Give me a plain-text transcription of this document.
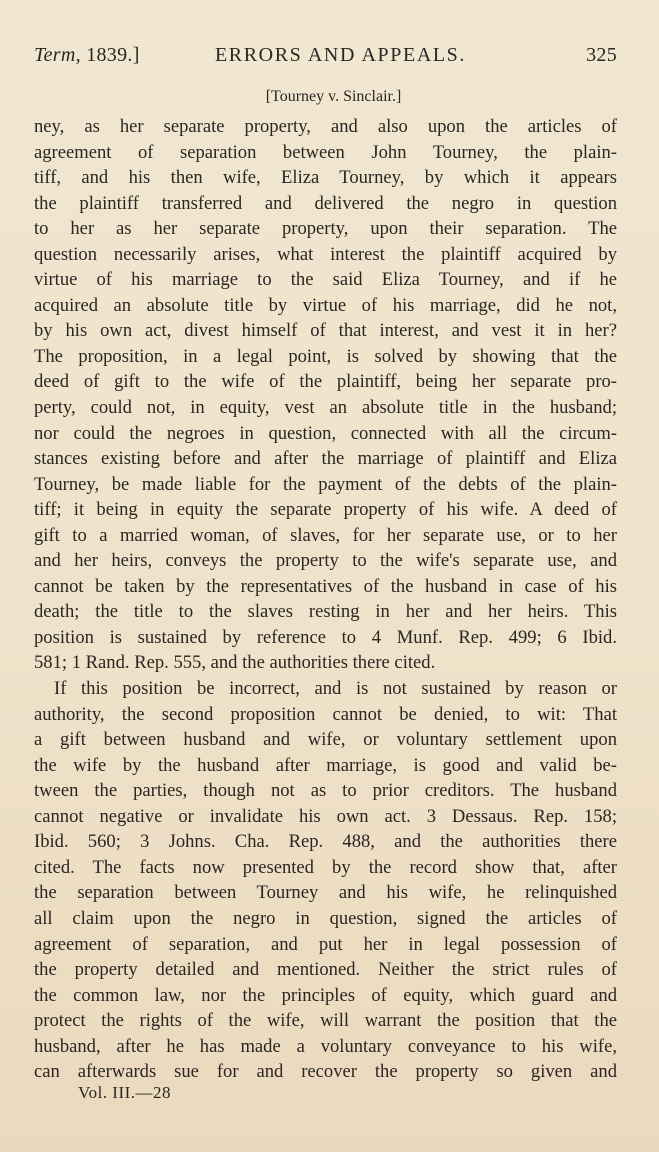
Term, 1839.]	ERRORS AND APPEALS.	325
[Tourney v. Sinclair.]
ney, as her separate property, and also upon the articles of
agreement of separation between John Tourney, the plain-
tiff, and his then wife, Eliza Tourney, by which it appears
the plaintiff transferred and delivered the negro in question
to her as her separate property, upon their separation. The
question necessarily arises, what interest the plaintiff acquired by
virtue of his marriage to the said Eliza Tourney, and if he
acquired an absolute title by virtue of his marriage, did he not,
by his own act, divest himself of that interest, and vest it in her?
The proposition, in a legal point, is solved by showing that the
deed of gift to the wife of the plaintiff, being her separate pro-
perty, could not, in equity, vest an absolute title in the husband;
nor could the negroes in question, connected with all the circum-
stances existing before and after the marriage of plaintiff and Eliza
Tourney, be made liable for the payment of the debts of the plain-
tiff; it being in equity the separate property of his wife. A deed of
gift to a married woman, of slaves, for her separate use, or to her
and her heirs, conveys the property to the wife's separate use, and
cannot be taken by the representatives of the husband in case of his
death; the title to the slaves resting in her and her heirs. This
position is sustained by reference to 4 Munf. Rep. 499; 6 Ibid.
581; 1 Rand. Rep. 555, and the authorities there cited.
If this position be incorrect, and is not sustained by reason or
authority, the second proposition cannot be denied, to wit: That
a gift between husband and wife, or voluntary settlement upon
the wife by the husband after marriage, is good and valid be-
tween the parties, though not as to prior creditors. The husband
cannot negative or invalidate his own act. 3 Dessaus. Rep. 158;
Ibid. 560; 3 Johns. Cha. Rep. 488, and the authorities there
cited. The facts now presented by the record show that, after
the separation between Tourney and his wife, he relinquished
all claim upon the negro in question, signed the articles of
agreement of separation, and put her in legal possession of
the property detailed and mentioned. Neither the strict rules of
the common law, nor the principles of equity, which guard and
protect the rights of the wife, will warrant the position that the
husband, after he has made a voluntary conveyance to his wife,
can afterwards sue for and recover the property so given and
Vol. III.—28
